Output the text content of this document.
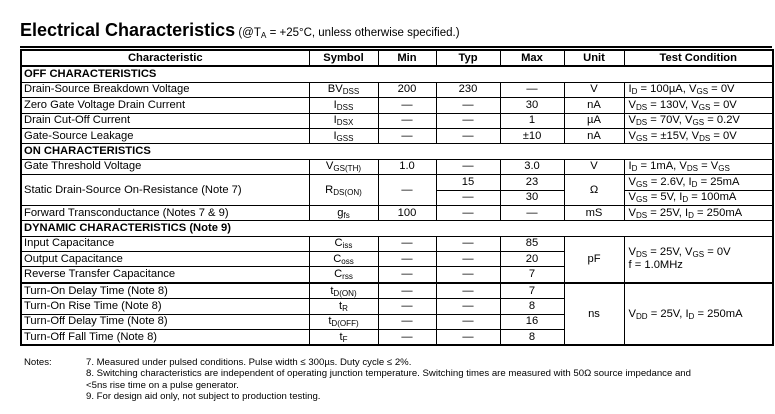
Electrical Characteristics $_{(@TA = +25^\circ C, unless otherwise specified.)}$
Characteristic	Symbol	Min	Typ	Max	Unit	Test Condition
OFF CHARACTERISTICS						
Drain-Source Breakdown Voltage	BVDSS	200	230	—	V	ID = 100µA, VGS = 0V
Zero Gate Voltage Drain Current	IDSS	—	—	30	nA	VDS = 130V, VGS = 0V
Drain Cut-Off Current	IDSX	—	—	1	µA	VDS = 70V, VGS = 0.2V
Gate-Source Leakage	IGSS	—	—	±10	nA	VGS = ±15V, VDS = 0V
ON CHARACTERISTICS						
Gate Threshold Voltage	VGS(TH)	1.0	—	3.0	V	ID = 1mA, VDS = VGS
Static Drain-Source On-Resistance (Note 7)	RDS(ON)	—	15	23	Ω	VGS = 2.6V, ID = 25mA
			—	30		VGS = 5V, ID = 100mA
Forward Transconductance (Notes 7 & 9)	gfs	100	—	—	mS	VDS = 25V, ID = 250mA
DYNAMIC CHARACTERISTICS (Note 9)						
Input Capacitance	Ciss	—	—	85	pF	VDS = 25V, VGS = 0V
f = 1.0MHz

Output Capacitance	Coss	—	—	20		
Reverse Transfer Capacitance	Crss	—	—	7		
Turn-On Delay Time (Note 8)	tD(ON)	—	—	7	ns	VDD = 25V, ID = 250mA

Turn-On Rise Time (Note 8)	tR	—	—	8		
Turn-Off Delay Time (Note 8)	tD(OFF)	—	—	16		
Turn-Off Fall Time (Note 8)	tF	—	—	8		
Notes:	7. Measured under pulsed conditions. Pulse width ≤ 300µs. Duty cycle ≤ 2%.
8. Switching characteristics are independent of operating junction temperature. Switching times are measured with 50Ω source impedance and
<5ns rise time on a pulse generator.
9. For design aid only, not subject to production testing.
